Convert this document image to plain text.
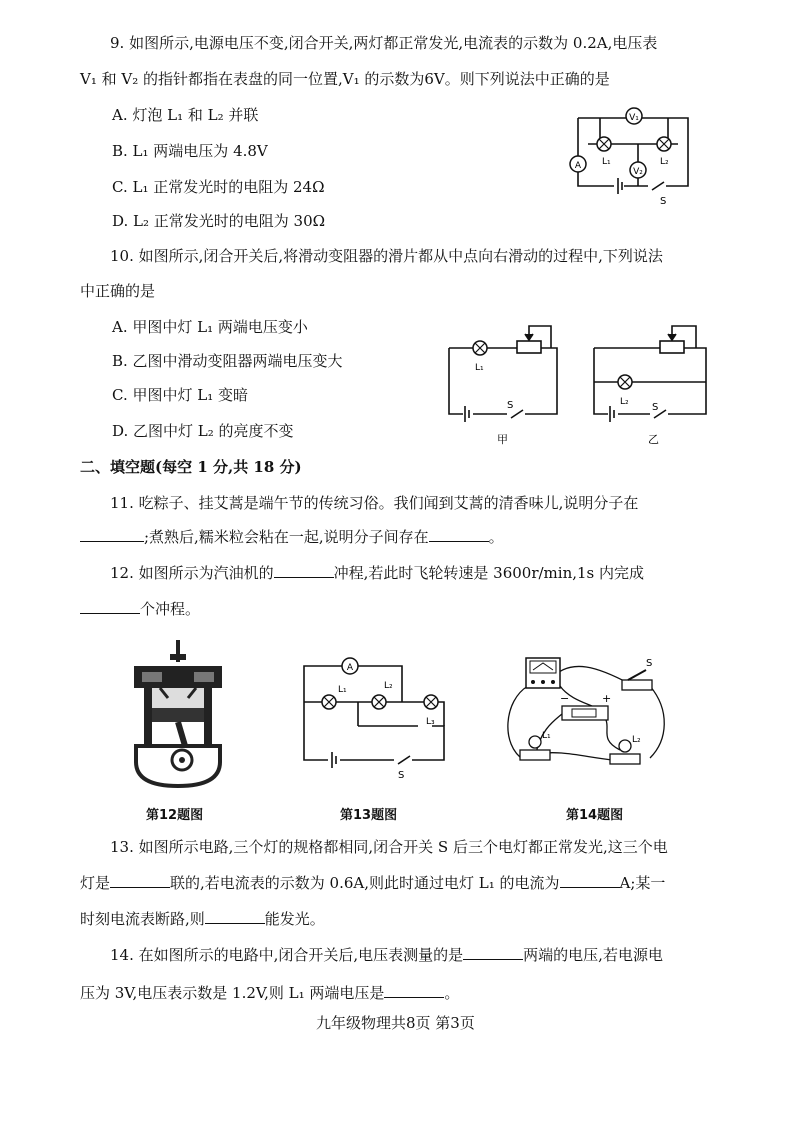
9. 如图所示,电源电压不变,闭合开关,两灯都正常发光,电流表的示数为 0.2A,电压表
V₁ 和 V₂ 的指针都指在表盘的同一位置,V₁ 的示数为6V。则下列说法中正确的是
A. 灯泡 L₁ 和 L₂ 并联
B. L₁ 两端电压为 4.8V
C. L₁ 正常发光时的电阻为 24Ω
D. L₂ 正常发光时的电阻为 30Ω
V₁
L₁	L₂
A
V₂
S
10. 如图所示,闭合开关后,将滑动变阻器的滑片都从中点向右滑动的过程中,下列说法
中正确的是
A. 甲图中灯 L₁ 两端电压变小
B. 乙图中滑动变阻器两端电压变大
C. 甲图中灯 L₁ 变暗
D. 乙图中灯 L₂ 的亮度不变
L₁
S
甲
L₂ S
乙
二、填空题(每空 1 分,共 18 分)
11. 吃粽子、挂艾蒿是端午节的传统习俗。我们闻到艾蒿的清香味儿,说明分子在
;煮熟后,糯米粒会粘在一起,说明分子间存在	。
12. 如图所示为汽油机的	冲程,若此时飞轮转速是 3600r/min,1s 内完成
个冲程。
A
L₁	L₂
L₃
S
S
−	+
L₁	L₂
第12题图	第13题图	第14题图
13. 如图所示电路,三个灯的规格都相同,闭合开关 S 后三个电灯都正常发光,这三个电
灯是	联的,若电流表的示数为 0.6A,则此时通过电灯 L₁ 的电流为	A;某一
时刻电流表断路,则	能发光。
14. 在如图所示的电路中,闭合开关后,电压表测量的是	两端的电压,若电源电
压为 3V,电压表示数是 1.2V,则 L₁ 两端电压是	。
九年级物理共8页 第3页
